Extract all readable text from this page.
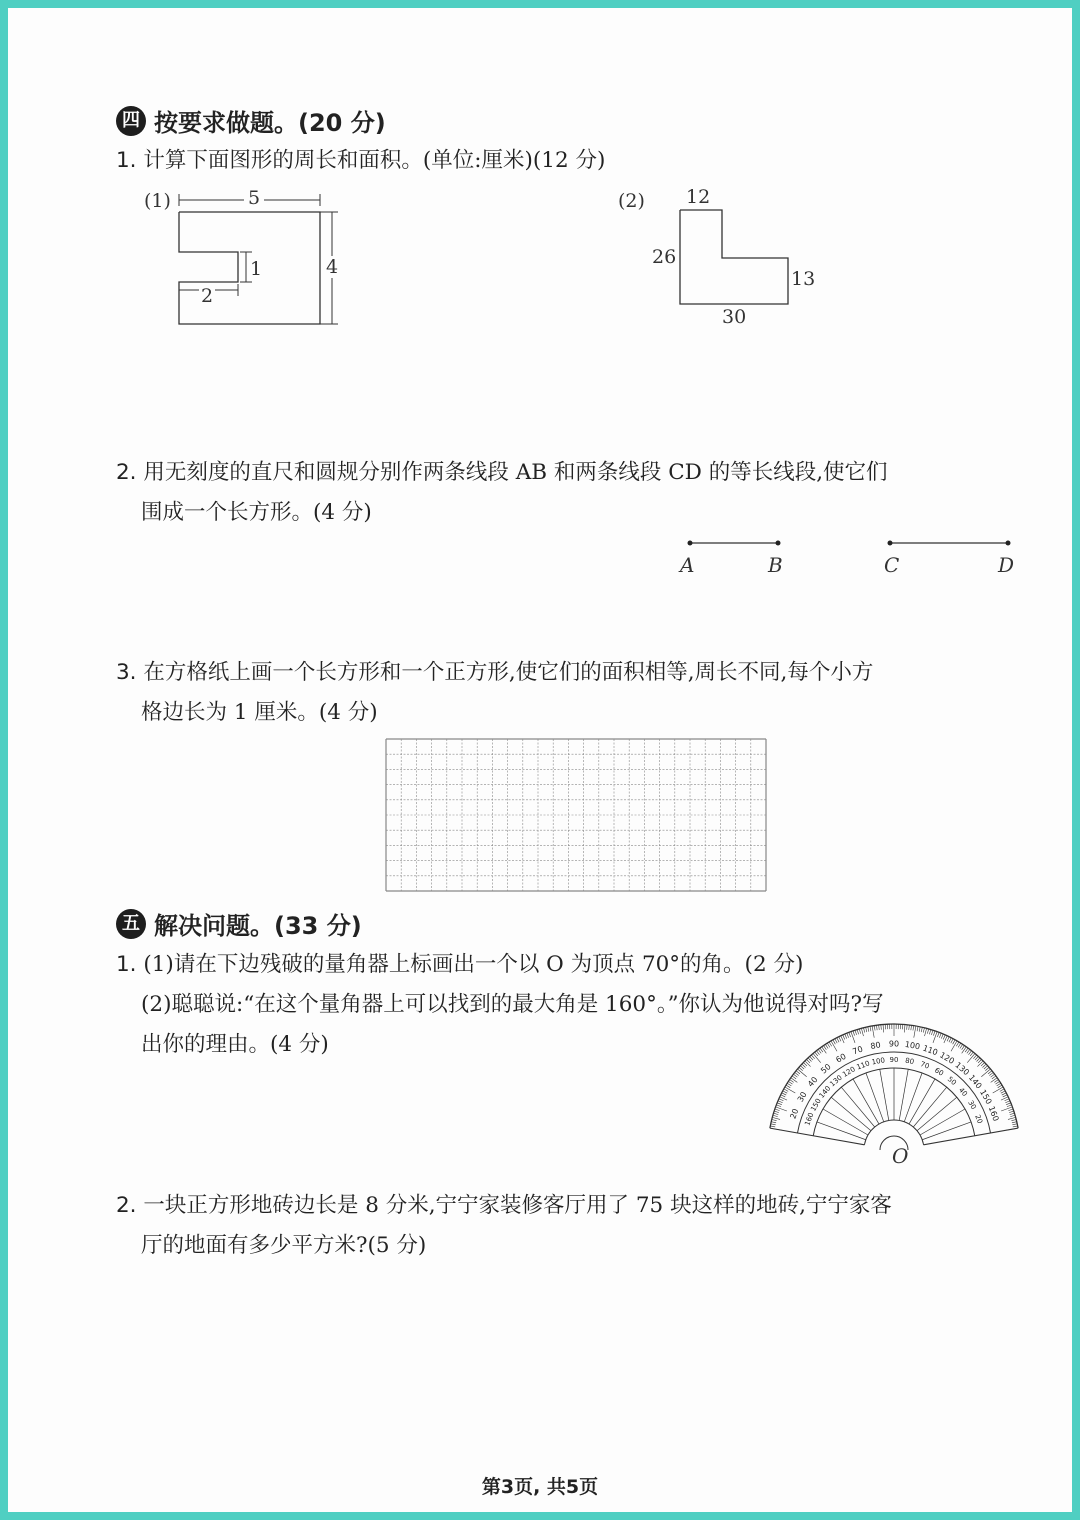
四 按要求做题。(20 分)
1. 计算下面图形的周长和面积。(单位:厘米)(12 分)
(1)	5
4
1
2
(2) 12
26
13
30
2. 用无刻度的直尺和圆规分别作两条线段 AB 和两条线段 CD 的等长线段,使它们
围成一个长方形。(4 分)
A	B	C	D
3. 在方格纸上画一个长方形和一个正方形,使它们的面积相等,周长不同,每个小方
格边长为 1 厘米。(4 分)
五 解决问题。(33 分)
1. (1)请在下边残破的量角器上标画出一个以 O 为顶点 70°的角。(2 分)
(2)聪聪说:“在这个量角器上可以找到的最大角是 160°。”你认为他说得对吗?写
出你的理由。(4 分)
20
30
40
50
60
70 80 90 100 110
120
130
140
150
160
160
150
140
130
120
110 100 90 80 70
60
50
40
30
20
O
2. 一块正方形地砖边长是 8 分米,宁宁家装修客厅用了 75 块这样的地砖,宁宁家客
厅的地面有多少平方米?(5 分)
第3页, 共5页
